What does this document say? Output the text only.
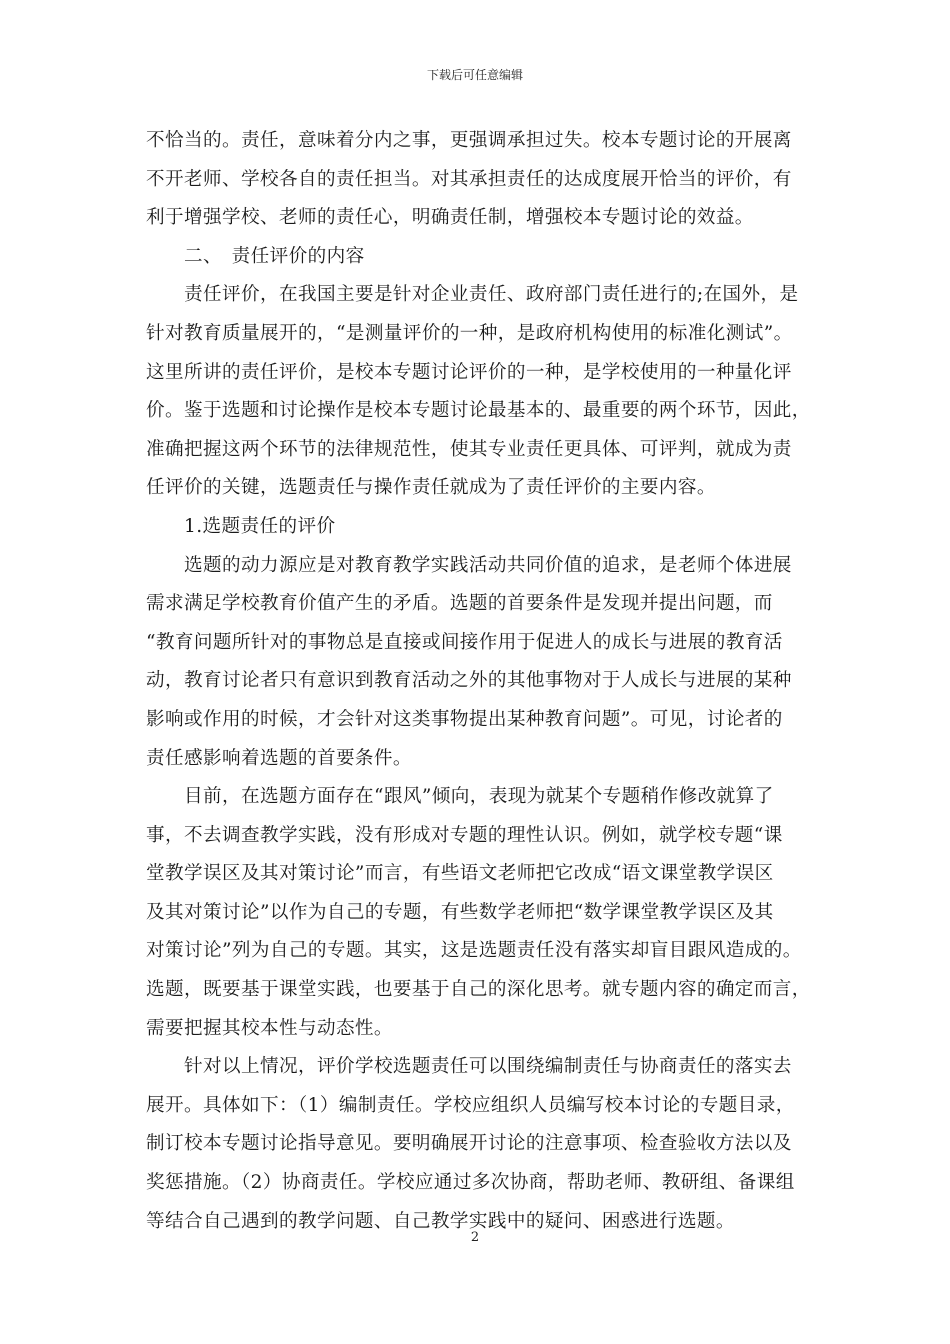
下载后可任意编辑
不恰当的。责任，意味着分内之事，更强调承担过失。校本专题讨论的开展离
不开老师、学校各自的责任担当。对其承担责任的达成度展开恰当的评价，有
利于增强学校、老师的责任心，明确责任制，增强校本专题讨论的效益。
二、　责任评价的内容
责任评价，在我国主要是针对企业责任、政府部门责任进行的;在国外，是
针对教育质量展开的，“是测量评价的一种，是政府机构使用的标准化测试”。
这里所讲的责任评价，是校本专题讨论评价的一种，是学校使用的一种量化评
价。鉴于选题和讨论操作是校本专题讨论最基本的、最重要的两个环节，因此，
准确把握这两个环节的法律规范性，使其专业责任更具体、可评判，就成为责
任评价的关键，选题责任与操作责任就成为了责任评价的主要内容。
1.选题责任的评价
选题的动力源应是对教育教学实践活动共同价值的追求，是老师个体进展
需求满足学校教育价值产生的矛盾。选题的首要条件是发现并提出问题，而
“教育问题所针对的事物总是直接或间接作用于促进人的成长与进展的教育活
动，教育讨论者只有意识到教育活动之外的其他事物对于人成长与进展的某种
影响或作用的时候，才会针对这类事物提出某种教育问题”。可见，讨论者的
责任感影响着选题的首要条件。
目前，在选题方面存在“跟风”倾向，表现为就某个专题稍作修改就算了
事，不去调查教学实践，没有形成对专题的理性认识。例如，就学校专题“课
堂教学误区及其对策讨论”而言，有些语文老师把它改成“语文课堂教学误区
及其对策讨论”以作为自己的专题，有些数学老师把“数学课堂教学误区及其
对策讨论”列为自己的专题。其实，这是选题责任没有落实却盲目跟风造成的。
选题，既要基于课堂实践，也要基于自己的深化思考。就专题内容的确定而言，
需要把握其校本性与动态性。
针对以上情况，评价学校选题责任可以围绕编制责任与协商责任的落实去
展开。具体如下：（1）编制责任。学校应组织人员编写校本讨论的专题目录，
制订校本专题讨论指导意见。要明确展开讨论的注意事项、检查验收方法以及
奖惩措施。（2）协商责任。学校应通过多次协商，帮助老师、教研组、备课组
等结合自己遇到的教学问题、自己教学实践中的疑问、困惑进行选题。
2
